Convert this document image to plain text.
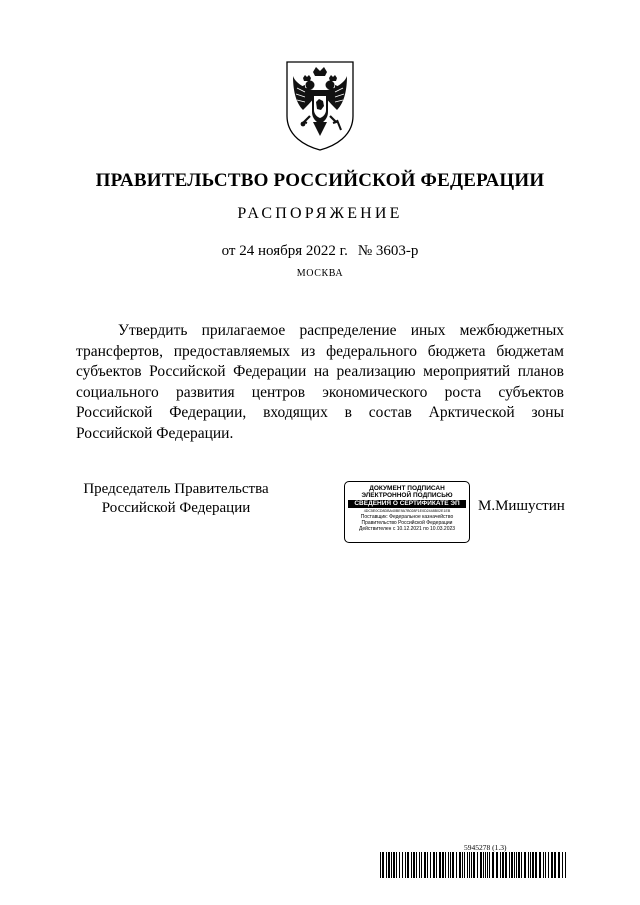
ПРАВИТЕЛЬСТВО РОССИЙСКОЙ ФЕДЕРАЦИИ
РАСПОРЯЖЕНИЕ
от 24 ноября 2022 г. № 3603-р
МОСКВА

Утвердить прилагаемое распределение иных межбюджетных трансфертов, предоставляемых из федерального бюджета бюджетам субъектов Российской Федерации на реализацию мероприятий планов социального развития центров экономического роста субъектов Российской Федерации, входящих в состав Арктической зоны Российской Федерации.

Председатель Правительства
Российской Федерации
ДОКУМЕНТ ПОДПИСАН
ЭЛЕКТРОННОЙ ПОДПИСЬЮ
СВЕДЕНИЯ О СЕРТИФИКАТЕ ЭП
4DC5E0CD8DBA40BE9A7B028F1E0D2448B02E1EB
Поставщик: Федеральное казначейство
Правительство Российской Федерации
Действителен с 10.12.2021 по 10.03.2023
М.Мишустин
5945278 (1.3)
